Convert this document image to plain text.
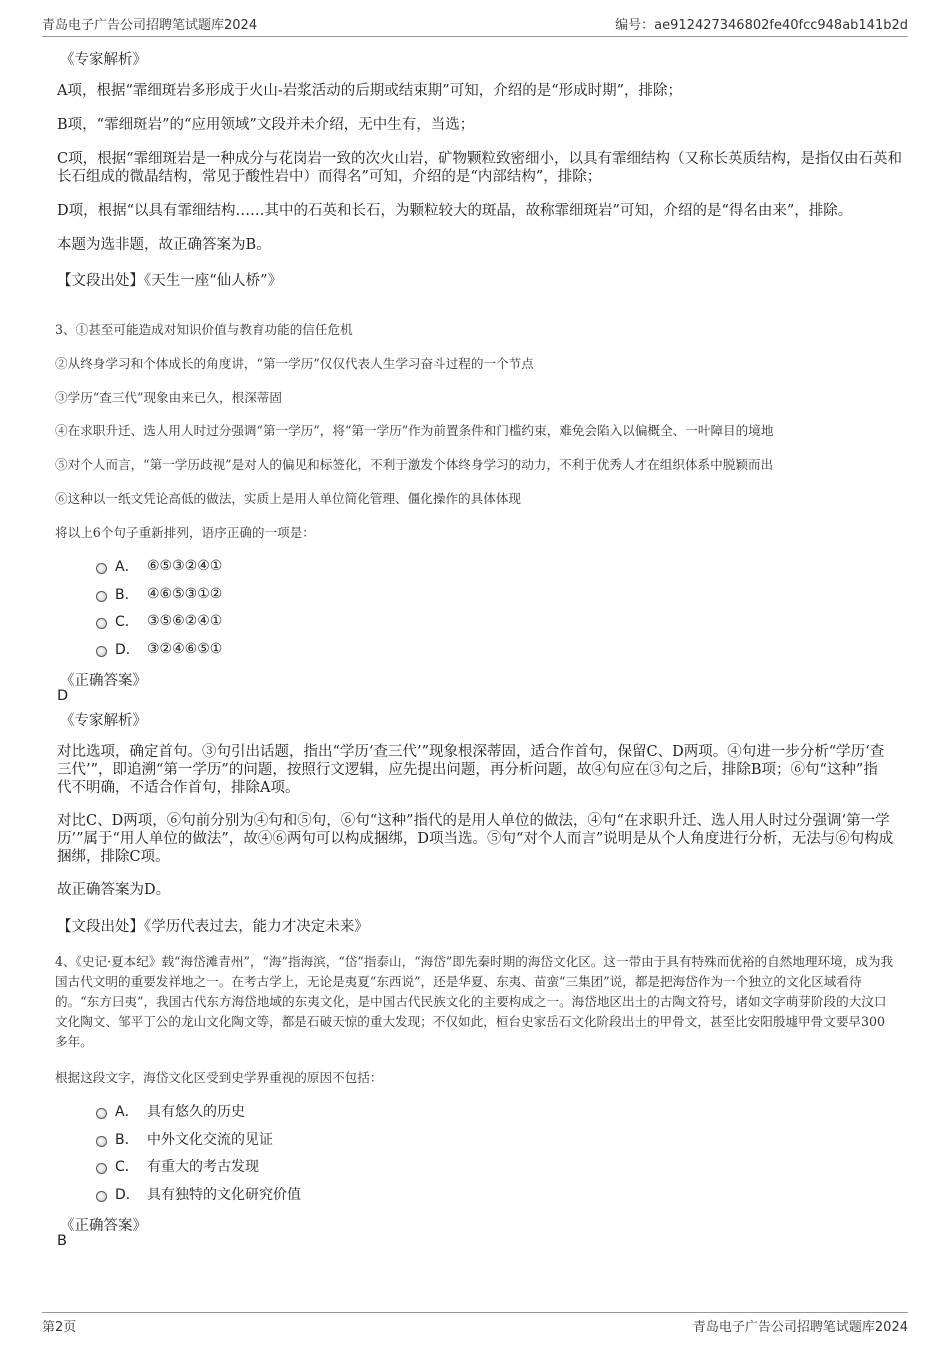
青岛电子广告公司招聘笔试题库2024	编号：ae912427346802fe40fcc948ab141b2d
《专家解析》
A项，根据“霏细斑岩多形成于火山-岩浆活动的后期或结束期”可知，介绍的是“形成时期”，排除；
B项，“霏细斑岩”的“应用领域”文段并未介绍，无中生有，当选；
C项，根据“霏细斑岩是一种成分与花岗岩一致的次火山岩，矿物颗粒致密细小，以具有霏细结构（又称长英质结构，是指仅由石英和长石组成的微晶结构，常见于酸性岩中）而得名”可知，介绍的是“内部结构”，排除；
D项，根据“以具有霏细结构……其中的石英和长石，为颗粒较大的斑晶，故称霏细斑岩”可知，介绍的是“得名由来”，排除。
本题为选非题，故正确答案为B。
【文段出处】《天生一座“仙人桥”》
3、①甚至可能造成对知识价值与教育功能的信任危机
②从终身学习和个体成长的角度讲，“第一学历”仅仅代表人生学习奋斗过程的一个节点
③学历“查三代”现象由来已久，根深蒂固
④在求职升迁、选人用人时过分强调“第一学历”，将“第一学历”作为前置条件和门槛约束，难免会陷入以偏概全、一叶障目的境地
⑤对个人而言，“第一学历歧视”是对人的偏见和标签化，不利于激发个体终身学习的动力，不利于优秀人才在组织体系中脱颖而出
⑥这种以一纸文凭论高低的做法，实质上是用人单位简化管理、僵化操作的具体体现
将以上6个句子重新排列，语序正确的一项是：
A． ⑥⑤③②④①
B． ④⑥⑤③①②
C． ③⑤⑥②④①
D． ③②④⑥⑤①
《正确答案》
D
《专家解析》
对比选项，确定首句。③句引出话题，指出“学历‘查三代’”现象根深蒂固，适合作首句，保留C、D两项。④句进一步分析“学历‘查三代’”，即追溯“第一学历”的问题，按照行文逻辑，应先提出问题，再分析问题，故④句应在③句之后，排除B项；⑥句“这种”指代不明确，不适合作首句，排除A项。
对比C、D两项，⑥句前分别为④句和⑤句，⑥句“这种”指代的是用人单位的做法，④句“在求职升迁、选人用人时过分强调‘第一学历’”属于“用人单位的做法”，故④⑥两句可以构成捆绑，D项当选。⑤句“对个人而言”说明是从个人角度进行分析，无法与⑥句构成捆绑，排除C项。
故正确答案为D。
【文段出处】《学历代表过去，能力才决定未来》
4、《史记·夏本纪》载“海岱滩青州”，“海”指海滨，“岱”指泰山，“海岱”即先秦时期的海岱文化区。这一带由于具有特殊而优裕的自然地理环境，成为我国古代文明的重要发祥地之一。在考古学上，无论是夷夏“东西说”，还是华夏、东夷、苗蛮“三集团”说，都是把海岱作为一个独立的文化区域看待的。“东方曰夷”，我国古代东方海岱地域的东夷文化，是中国古代民族文化的主要构成之一。海岱地区出土的古陶文符号，诸如文字萌芽阶段的大汶口文化陶文、邹平丁公的龙山文化陶文等，都是石破天惊的重大发现；不仅如此，桓台史家岳石文化阶段出土的甲骨文，甚至比安阳殷墟甲骨文要早300多年。
根据这段文字，海岱文化区受到史学界重视的原因不包括：
A． 具有悠久的历史
B． 中外文化交流的见证
C． 有重大的考古发现
D． 具有独特的文化研究价值
《正确答案》
B
第2页	青岛电子广告公司招聘笔试题库2024
